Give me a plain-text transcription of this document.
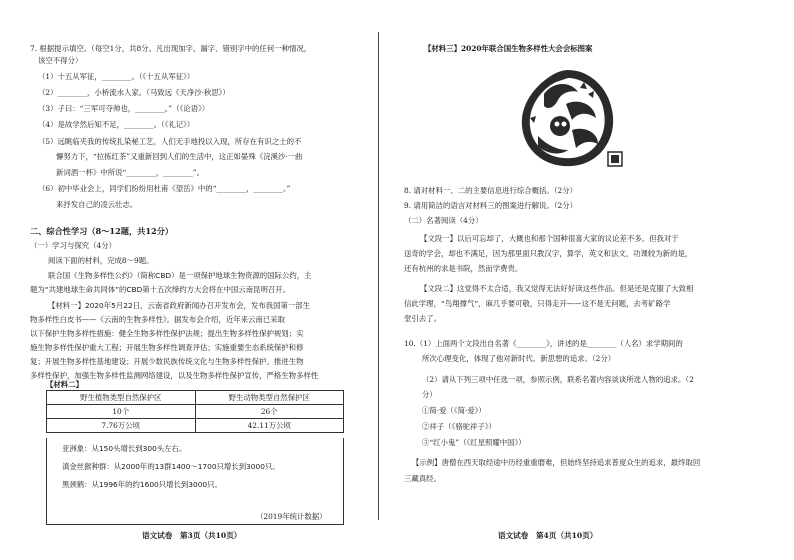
7. 根据提示填空。（每空1分，共8分。凡出现加字、漏字、错别字中的任何一种情况，
该空不得分）
（1）十五从军征，________。（《十五从军征》）
（2）________，小桥流水人家。（马致远《天净沙·秋思》）
（3）子曰：“三军可夺帅也，________。”（《论语》）
（4）是故学然后知不足，________。（《礼记》）
（5）远眺临夹我的传统扎染秘工艺，人们无手地投以入现，所存在有识之士的不
懈努力下，“拉拣红茶”又重新回到人们的生活中，这正如晏殊《浣溪沙·一曲
新词酒一杯》中所说“________，________”。
（6）初中毕业会上，同学们纷纷用杜甫《望岳》中的“________，________。”
来抒发自己的凌云壮志。
二、综合性学习（8～12题，共12分）
（一）学习与探究（4分）
阅读下面的材料，完成8～9题。
联合国《生物多样性公约》（简称CBD）是一项保护地球生物资源的国际公约，主
题为“共建地球生命共同体”的CBD第十五次缔约方大会将在中国云南昆明召开。
【材料一】2020年5月22日，云南省政府新闻办召开发布会，发布我国第一部生
物多样性白皮书——《云南的生物多样性》。据发布会介绍，近年来云南已采取
以下保护生物多样性措施：健全生物多样性保护法规；提出生物多样性保护规划；实
施生物多样性保护重大工程；开展生物多样性调查评估；实施重要生态系统保护和修
复；开展生物多样性基地建设；开展少数民族传统文化与生物多样性保护。推进生物
多样性保护，加强生物多样性监测网络建设，以及生物多样性保护宣传，严格生物多样性
【材料二】
野生植物类型自然保护区	野生动物类型自然保护区
10个	26个
7.76万公顷	42.11万公顷
亚洲象：从150头增长到300头左右。
滇金丝猴种群：从2000年的13群1400～1700只增长到3000只。
黑颈鹤：从1996年的约1600只增长到3000只。
（2019年统计数据）
语文试卷　第3页（共10页）
【材料三】2020年联合国生物多样性大会会标图案
8. 请对材料一、二的主要信息进行综合概括。（2分）
9. 请用简洁的语言对材料三的图案进行解说。（2分）
（二）名著阅读（4分）
【文段一】以后可忘却了，大概也和那个国种很喜大家的议论差不多。但我对于
送奇的学会，却也不满足，因为那里面只教汉字，算学，英文和法文，功课较为新的是，
还有杭州的求是书院，然而学费贵。
【文段二】这觉得不太合适，我又觉得无法好好读这些作品。但是还是克服了大致相
信此学理，“鸟翔撑气”，麻几乎要可敬，只得走开——这不是无问题，去考矿路学
堂引去了。
10.（1）上面两个文段出自名著《________》，讲述的是________（人名）求学期间的
所次心理变化，体现了他对新时代、新思想的追求。（2分）
（2）请从下列三项中任选一项，参照示例，联系名著内容谈谈所选人物的追求。（2
分）
①简·爱（《简·爱》）
②祥子（《骆驼祥子》）
③“红小鬼”（《红星照耀中国》）
【示例】唐僧在西天取经途中历经重重磨难，但始终坚持追求普度众生的追求，最终取回
三藏真经。
语文试卷　第4页（共10页）
